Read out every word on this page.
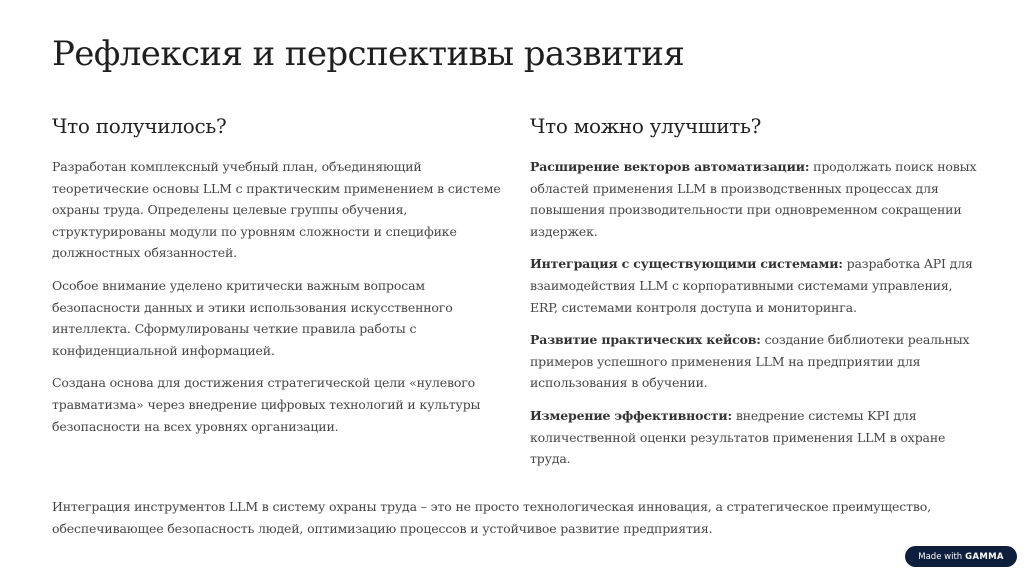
Рефлексия и перспективы развития
Что получилось?

Разработан комплексный учебный план, объединяющий теоретические основы LLM с практическим применением в системе охраны труда. Определены целевые группы обучения, структурированы модули по уровням сложности и специфике должностных обязанностей.

Особое внимание уделено критически важным вопросам безопасности данных и этики использования искусственного интеллекта. Сформулированы четкие правила работы с конфиденциальной информацией.

Создана основа для достижения стратегической цели «нулевого травматизма» через внедрение цифровых технологий и культуры безопасности на всех уровнях организации.

Что можно улучшить?

Расширение векторов автоматизации: продолжать поиск новых областей применения LLM в производственных процессах для повышения производительности при одновременном сокращении издержек.

Интеграция с существующими системами: разработка API для взаимодействия LLM с корпоративными системами управления, ERP, системами контроля доступа и мониторинга.

Развитие практических кейсов: создание библиотеки реальных примеров успешного применения LLM на предприятии для использования в обучении.

Измерение эффективности: внедрение системы KPI для количественной оценки результатов применения LLM в охране труда.

Интеграция инструментов LLM в систему охраны труда – это не просто технологическая инновация, а стратегическое преимущество, обеспечивающее безопасность людей, оптимизацию процессов и устойчивое развитие предприятия.

Made with GAMMA
